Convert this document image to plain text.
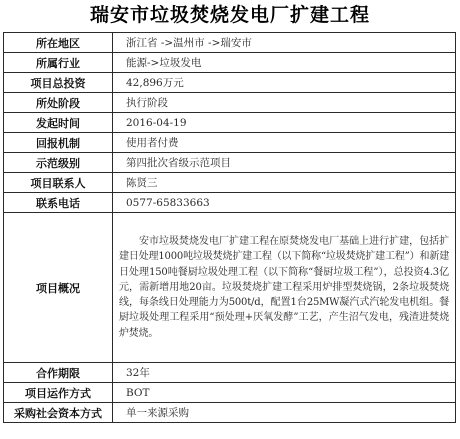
瑞安市垃圾焚烧发电厂扩建工程
所在地区	浙江省 ->温州市 ->瑞安市
所属行业	能源->垃圾发电
项目总投资	42,896万元
所处阶段	执行阶段
发起时间	2016-04-19
回报机制	使用者付费
示范级别	第四批次省级示范项目
项目联系人	陈贤三
联系电话	0577-65833663
项目概况	安市垃圾焚烧发电厂扩建工程在原焚烧发电厂基础上进行扩建，包括扩建日处理1000吨垃圾焚烧扩建工程（以下简称“垃圾焚烧扩建工程”）和新建日处理150吨餐厨垃圾处理工程（以下简称“餐厨垃圾工程”），总投资4.3亿元，需新增用地20亩。垃圾焚烧扩建工程采用炉排型焚烧锅，2条垃圾焚烧线，每条线日处理能力为500t/d，配置1台25MW凝汽式汽轮发电机组。餐厨垃圾处理工程采用“预处理+厌氧发酵”工艺，产生沼气发电，残渣进焚烧炉焚烧。
合作期限	32年
项目运作方式	BOT
采购社会资本方式	单一来源采购
